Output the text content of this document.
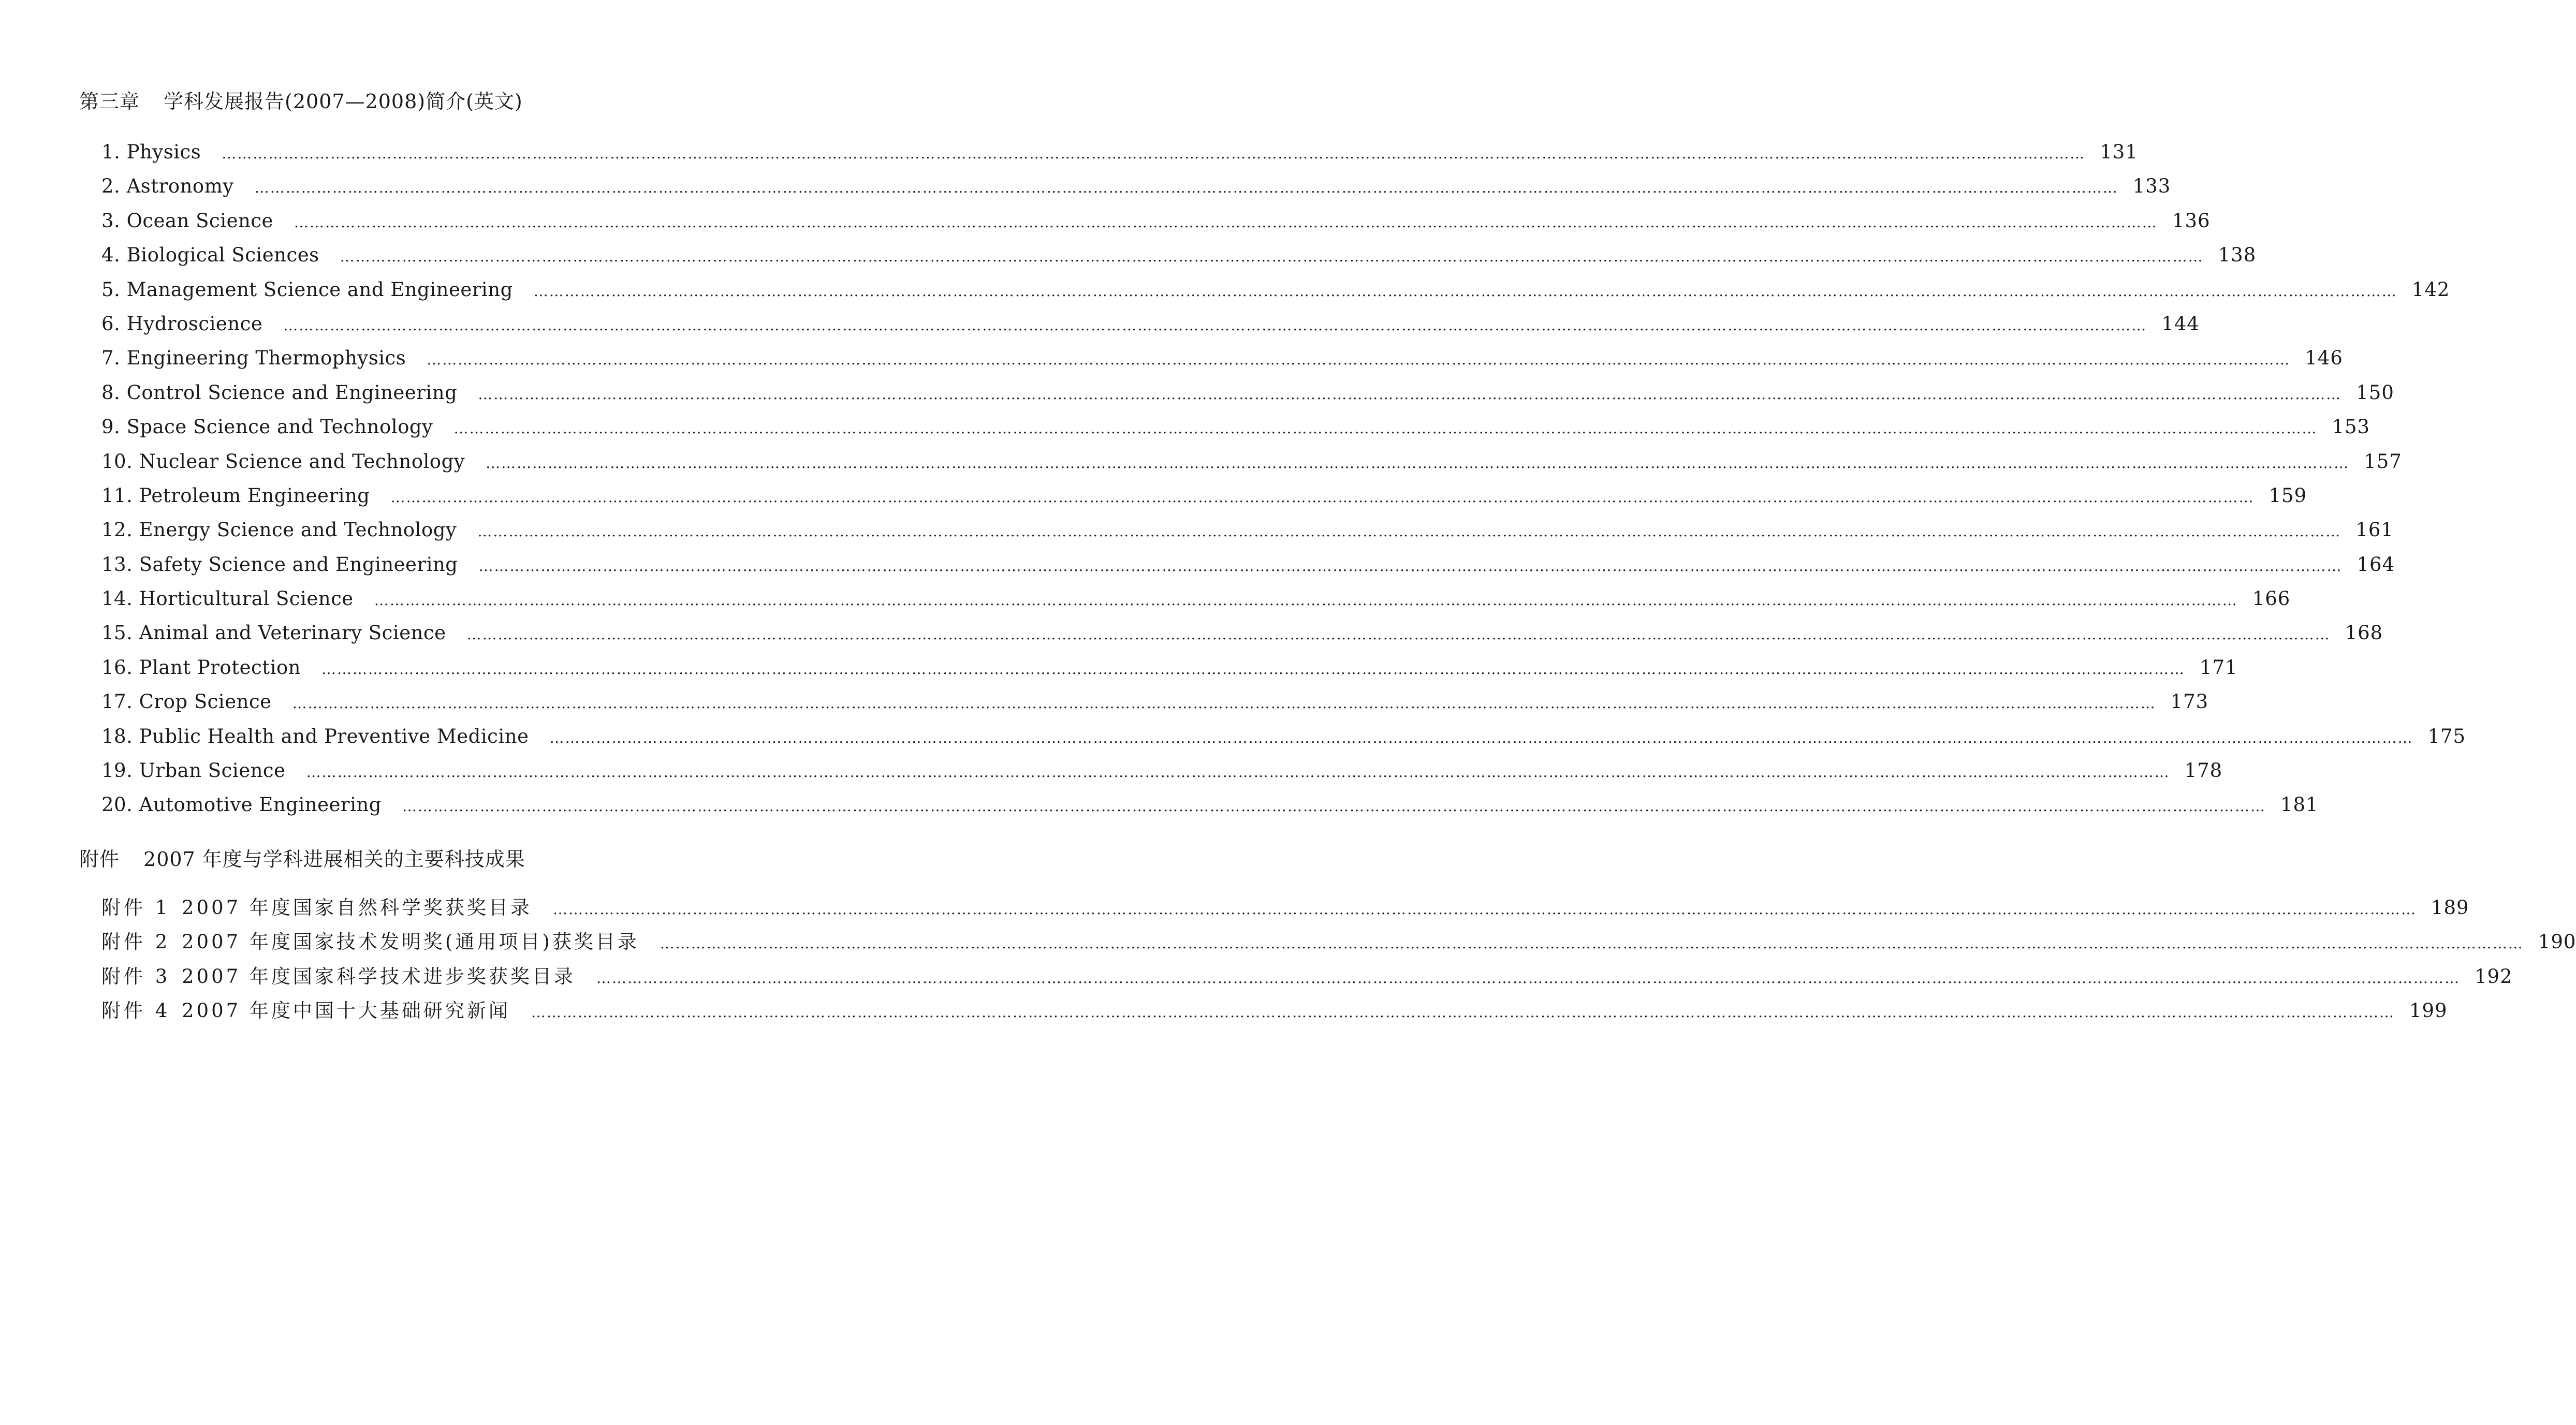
第三章 学科发展报告(2007—2008)简介(英文)
1. Physics ……………………………………………………………………………………………………………………………………………………………………………………………………………………………………………………………………………………………………………………………… 131
2. Astronomy ……………………………………………………………………………………………………………………………………………………………………………………………………………………………………………………………………………………………………………………………… 133
3. Ocean Science ……………………………………………………………………………………………………………………………………………………………………………………………………………………………………………………………………………………………………………………………… 136
4. Biological Sciences ……………………………………………………………………………………………………………………………………………………………………………………………………………………………………………………………………………………………………………………………… 138
5. Management Science and Engineering ……………………………………………………………………………………………………………………………………………………………………………………………………………………………………………………………………………………………………………………………… 142
6. Hydroscience ……………………………………………………………………………………………………………………………………………………………………………………………………………………………………………………………………………………………………………………………… 144
7. Engineering Thermophysics ……………………………………………………………………………………………………………………………………………………………………………………………………………………………………………………………………………………………………………………………… 146
8. Control Science and Engineering ……………………………………………………………………………………………………………………………………………………………………………………………………………………………………………………………………………………………………………………………… 150
9. Space Science and Technology ……………………………………………………………………………………………………………………………………………………………………………………………………………………………………………………………………………………………………………………………… 153
10. Nuclear Science and Technology ……………………………………………………………………………………………………………………………………………………………………………………………………………………………………………………………………………………………………………………………… 157
11. Petroleum Engineering ……………………………………………………………………………………………………………………………………………………………………………………………………………………………………………………………………………………………………………………………… 159
12. Energy Science and Technology ……………………………………………………………………………………………………………………………………………………………………………………………………………………………………………………………………………………………………………………………… 161
13. Safety Science and Engineering ……………………………………………………………………………………………………………………………………………………………………………………………………………………………………………………………………………………………………………………………… 164
14. Horticultural Science ……………………………………………………………………………………………………………………………………………………………………………………………………………………………………………………………………………………………………………………………… 166
15. Animal and Veterinary Science ……………………………………………………………………………………………………………………………………………………………………………………………………………………………………………………………………………………………………………………………… 168
16. Plant Protection ……………………………………………………………………………………………………………………………………………………………………………………………………………………………………………………………………………………………………………………………… 171
17. Crop Science ……………………………………………………………………………………………………………………………………………………………………………………………………………………………………………………………………………………………………………………………… 173
18. Public Health and Preventive Medicine ……………………………………………………………………………………………………………………………………………………………………………………………………………………………………………………………………………………………………………………………… 175
19. Urban Science ……………………………………………………………………………………………………………………………………………………………………………………………………………………………………………………………………………………………………………………………… 178
20. Automotive Engineering ……………………………………………………………………………………………………………………………………………………………………………………………………………………………………………………………………………………………………………………………… 181
附件 2007 年度与学科进展相关的主要科技成果
附件 1 2007 年度国家自然科学奖获奖目录 ……………………………………………………………………………………………………………………………………………………………………………………………………………………………………………………………………………………………………………………………… 189
附件 2 2007 年度国家技术发明奖(通用项目)获奖目录 ……………………………………………………………………………………………………………………………………………………………………………………………………………………………………………………………………………………………………………………………… 190
附件 3 2007 年度国家科学技术进步奖获奖目录 ……………………………………………………………………………………………………………………………………………………………………………………………………………………………………………………………………………………………………………………………… 192
附件 4 2007 年度中国十大基础研究新闻 ……………………………………………………………………………………………………………………………………………………………………………………………………………………………………………………………………………………………………………………………… 199
